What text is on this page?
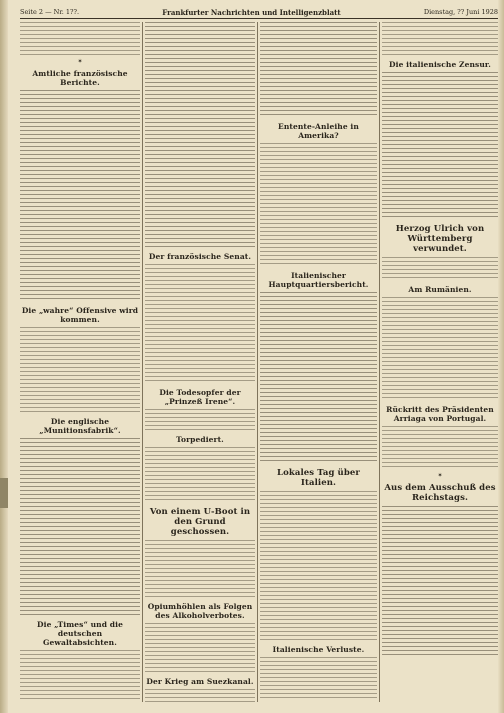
Seite 2 — Nr. 1??.	Frankfurter Nachrichten und Intelligenzblatt	Dienstag, ?? Juni 1928
✶
Amtliche französische Berichte.
Die „wahre“ Offensive wird kommen.
Die englische „Munitionsfabrik“.
Die „Times“ und die deutschen Gewaltabsichten.
Der französische Senat.
Die Todesopfer der „Prinzeß Irene“.
Torpediert.
Von einem U-Boot in den Grund geschossen.
Opiumhöhlen als Folgen des Alkoholverbotes.
Der Krieg am Suezkanal.
Entente-Anleihe in Amerika?
Italienischer Hauptquartiersbericht.
Lokales Tag über Italien.
Italienische Verluste.
Die italienische Zensur.
Herzog Ulrich von Württemberg verwundet.
Am Rumänien.
Rückritt des Präsidenten Arriaga von Portugal.
✶
Aus dem Ausschuß des Reichstags.
